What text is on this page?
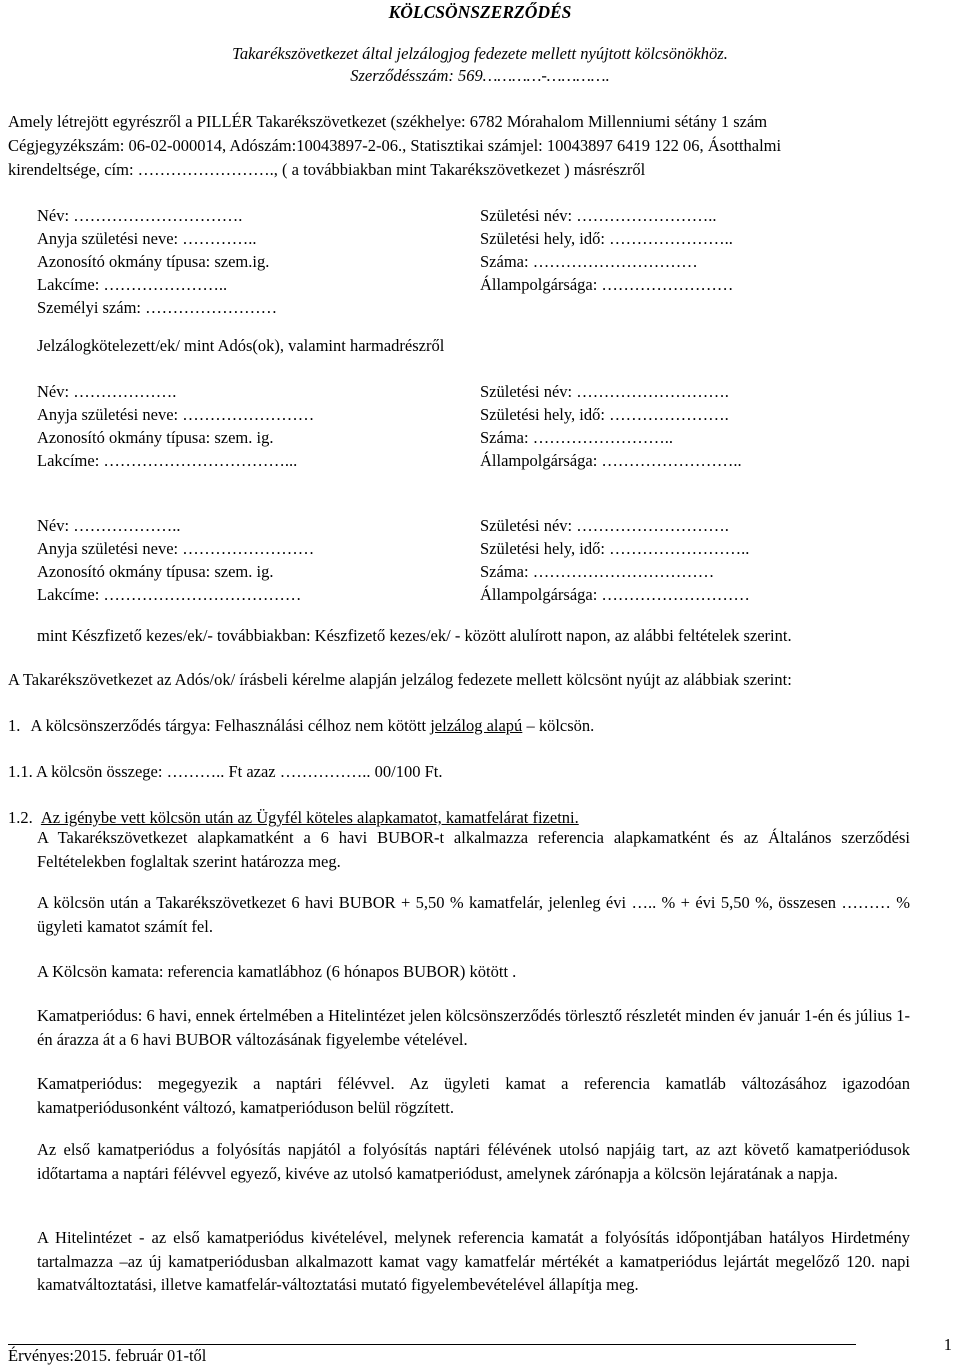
KÖLCSÖNSZERZŐDÉS
Takarékszövetkezet által jelzálogjog fedezete mellett nyújtott kölcsönökhöz.
Szerződésszám: 569…………-………….
Amely létrejött egyrészről a PILLÉR Takarékszövetkezet (székhelye: 6782 Mórahalom Millenniumi sétány 1 szám
Cégjegyzékszám: 06-02-000014, Adószám:10043897-2-06., Statisztikai számjel: 10043897 6419 122 06, Ásotthalmi
kirendeltsége, cím: ……………………., ( a továbbiakban mint Takarékszövetkezet ) másrészről
Név: ………………………….
Anyja születési neve: …………..
Azonosító okmány típusa: szem.ig.
Lakcíme: …………………..
Személyi szám: ……………………
Születési név: ……………………..
Születési hely, idő: …………………..
Száma: …………………………
Állampolgársága: ……………………
Jelzálogkötelezett/ek/ mint Adós(ok), valamint harmadrészről
Név: ……………….
Anyja születési neve: ……………………
Azonosító okmány típusa: szem. ig.
Lakcíme: ……………………………...
Születési név: ……………………….
Születési hely, idő: ………………….
Száma: ……………………..
Állampolgársága: ……………………..
Név: ………………..
Anyja születési neve: ……………………
Azonosító okmány típusa: szem. ig.
Lakcíme: ………………………………
Születési név: ……………………….
Születési hely, idő: ……………………..
Száma: ……………………………
Állampolgársága: ………………………
mint Készfizető kezes/ek/- továbbiakban: Készfizető kezes/ek/ - között alulírott napon, az alábbi feltételek szerint.
A Takarékszövetkezet az Adós/ok/ írásbeli kérelme alapján jelzálog fedezete mellett kölcsönt nyújt az alábbiak szerint:
1. A kölcsönszerződés tárgya: Felhasználási célhoz nem kötött jelzálog alapú – kölcsön.
1.1. A kölcsön összege: ……….. Ft azaz …………….. 00/100 Ft.
1.2. Az igénybe vett kölcsön után az Ügyfél köteles alapkamatot, kamatfelárat fizetni.

A Takarékszövetkezet alapkamatként a 6 havi BUBOR-t alkalmazza referencia alapkamatként és az Általános szerződési Feltételekben foglaltak szerint határozza meg.

A kölcsön után a Takarékszövetkezet 6 havi BUBOR + 5,50 % kamatfelár, jelenleg évi ….. % + évi 5,50 %, összesen ……… % ügyleti kamatot számít fel.

A Kölcsön kamata: referencia kamatlábhoz (6 hónapos BUBOR) kötött .

Kamatperiódus: 6 havi, ennek értelmében a Hitelintézet jelen kölcsönszerződés törlesztő részletét minden év január 1-én és július 1-én árazza át a 6 havi BUBOR változásának figyelembe vételével.

Kamatperiódus: megegyezik a naptári félévvel. Az ügyleti kamat a referencia kamatláb változásához igazodóan kamatperiódusonként változó, kamatperióduson belül rögzített.

Az első kamatperiódus a folyósítás napjától a folyósítás naptári félévének utolsó napjáig tart, az azt követő kamatperiódusok időtartama a naptári félévvel egyező, kivéve az utolsó kamatperiódust, amelynek zárónapja a kölcsön lejáratának a napja.

A Hitelintézet - az első kamatperiódus kivételével, melynek referencia kamatát a folyósítás időpontjában hatályos Hirdetmény tartalmazza –az új kamatperiódusban alkalmazott kamat vagy kamatfelár mértékét a kamatperiódus lejártát megelőző 120. napi kamatváltoztatási, illetve kamatfelár-változtatási mutató figyelembevételével állapítja meg.

Érvényes:2015. február 01-től
1
